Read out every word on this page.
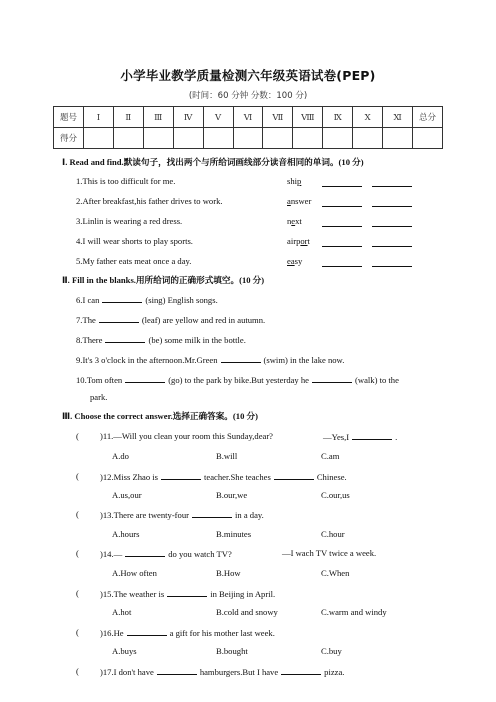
小学毕业教学质量检测六年级英语试卷(PEP)
(时间：60 分钟 分数：100 分)
题号	Ⅰ	Ⅱ	Ⅲ	Ⅳ	Ⅴ	Ⅵ	Ⅶ	Ⅷ	Ⅸ	Ⅹ	Ⅺ	总分
得分												
Ⅰ. Read and find.默读句子，找出两个与所给词画线部分读音相同的单词。(10 分)
1.This is too difficult for me.	ship
2.After breakfast,his father drives to work.	answer
3.Linlin is wearing a red dress.	next
4.I will wear shorts to play sports.	airport
5.My father eats meat once a day.	easy
Ⅱ. Fill in the blanks.用所给词的正确形式填空。(10 分)
6.I can	(sing) English songs.
7.The	(leaf) are yellow and red in autumn.
8.There	(be) some milk in the bottle.
9.It's 3 o'clock in the afternoon.Mr.Green	(swim) in the lake now.
10.Tom often	(go) to the park by bike.But yesterday he	(walk) to the
park.
Ⅲ. Choose the correct answer.选择正确答案。(10 分)
( )11.—Will you clean your room this Sunday,dear?	—Yes,I	.
A.do	B.will	C.am
( )12.Miss Zhao is	teacher.She teaches	Chinese.
A.us,our	B.our,we	C.our,us
( )13.There are twenty-four	in a day.
A.hours	B.minutes	C.hour
( )14.—	do you watch TV?	—I wach TV twice a week.
A.How often	B.How	C.When
( )15.The weather is	in Beijing in April.
A.hot	B.cold and snowy	C.warm and windy
( )16.He	a gift for his mother last week.
A.buys	B.bought	C.buy
( )17.I don't have	hamburgers.But I have	pizza.
